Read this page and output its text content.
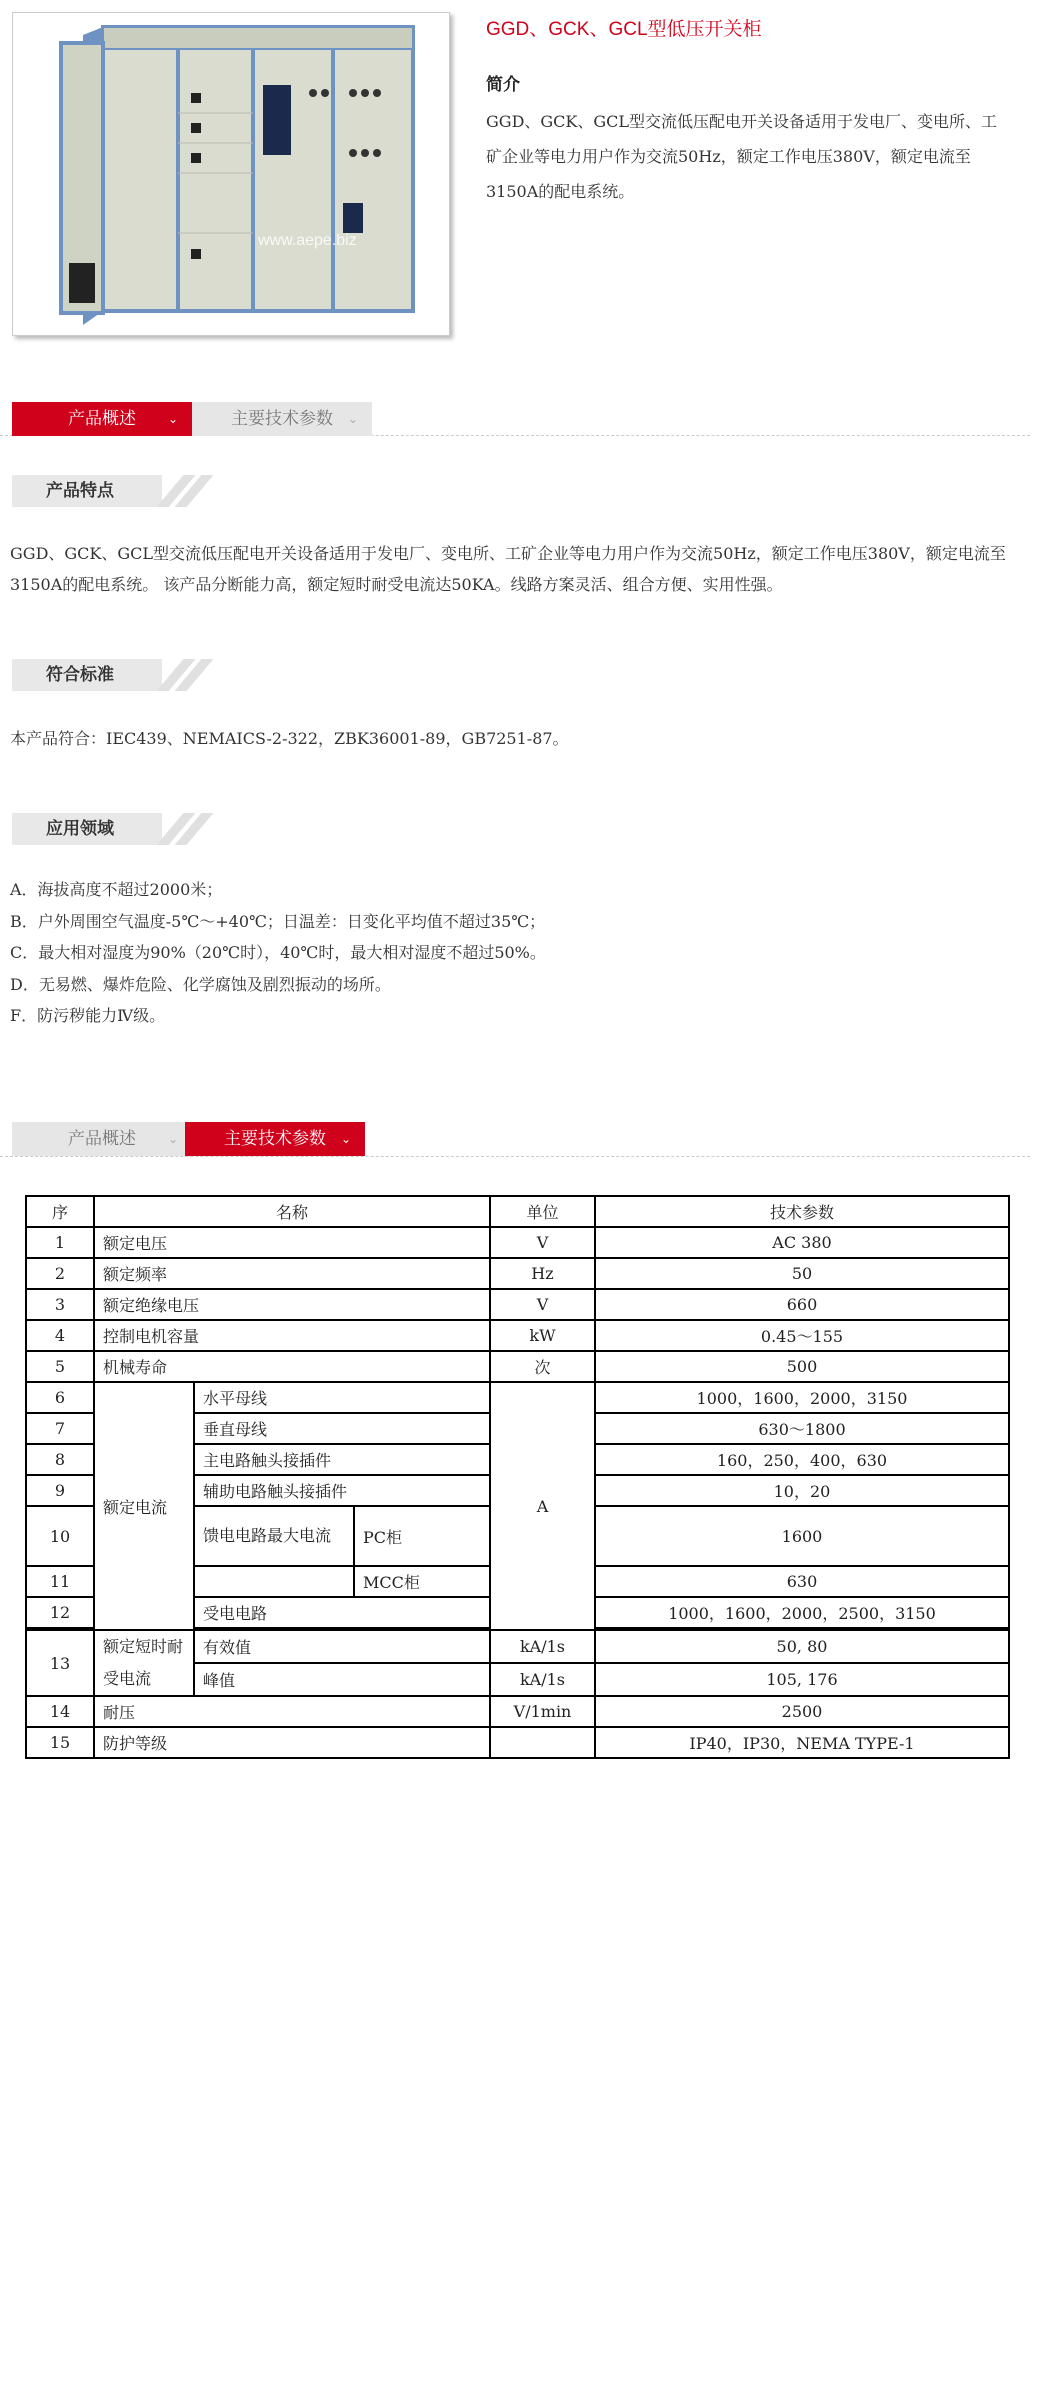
www.aepe.biz
GGD、GCK、GCL型低压开关柜
简介
GGD、GCK、GCL型交流低压配电开关设备适用于发电厂、变电所、工矿企业等电力用户作为交流50Hz，额定工作电压380V，额定电流至3150A的配电系统。
产品概述	⌄	主要技术参数 ⌄
产品特点
GGD、GCK、GCL型交流低压配电开关设备适用于发电厂、变电所、工矿企业等电力用户作为交流50Hz，额定工作电压380V，额定电流至3150A的配电系统。 该产品分断能力高，额定短时耐受电流达50KA。线路方案灵活、组合方便、实用性强。
符合标准
本产品符合：IEC439、NEMAICS-2-322，ZBK36001-89，GB7251-87。
应用领域
A．海拔高度不超过2000米；
B．户外周围空气温度-5℃～+40℃；日温差：日变化平均值不超过35℃；
C．最大相对湿度为90%（20℃时），40℃时，最大相对湿度不超过50%。
D．无易燃、爆炸危险、化学腐蚀及剧烈振动的场所。
F．防污秽能力Ⅳ级。
产品概述	⌄	主要技术参数 ⌄
序	名称			单位	技术参数
1	额定电压			V	AC 380
2	额定频率			Hz	50
3	额定绝缘电压			V	660
4	控制电机容量			kW	0.45～155
5	机械寿命			次	500
6	额定电流	水平母线		A	1000，1600，2000，3150
7		垂直母线			630～1800
8		主电路触头接插件			160，250，400，630
9		辅助电路触头接插件			10，20
10		馈电电路最大电流	PC柜		1600
11			MCC柜		630
12		受电电路			1000，1600，2000，2500，3150

13	额定短时耐受电流	有效值		kA/1s	50, 80
		峰值		kA/1s	105, 176
14	耐压			V/1min	2500
15	防护等级				IP40，IP30，NEMA TYPE-1
